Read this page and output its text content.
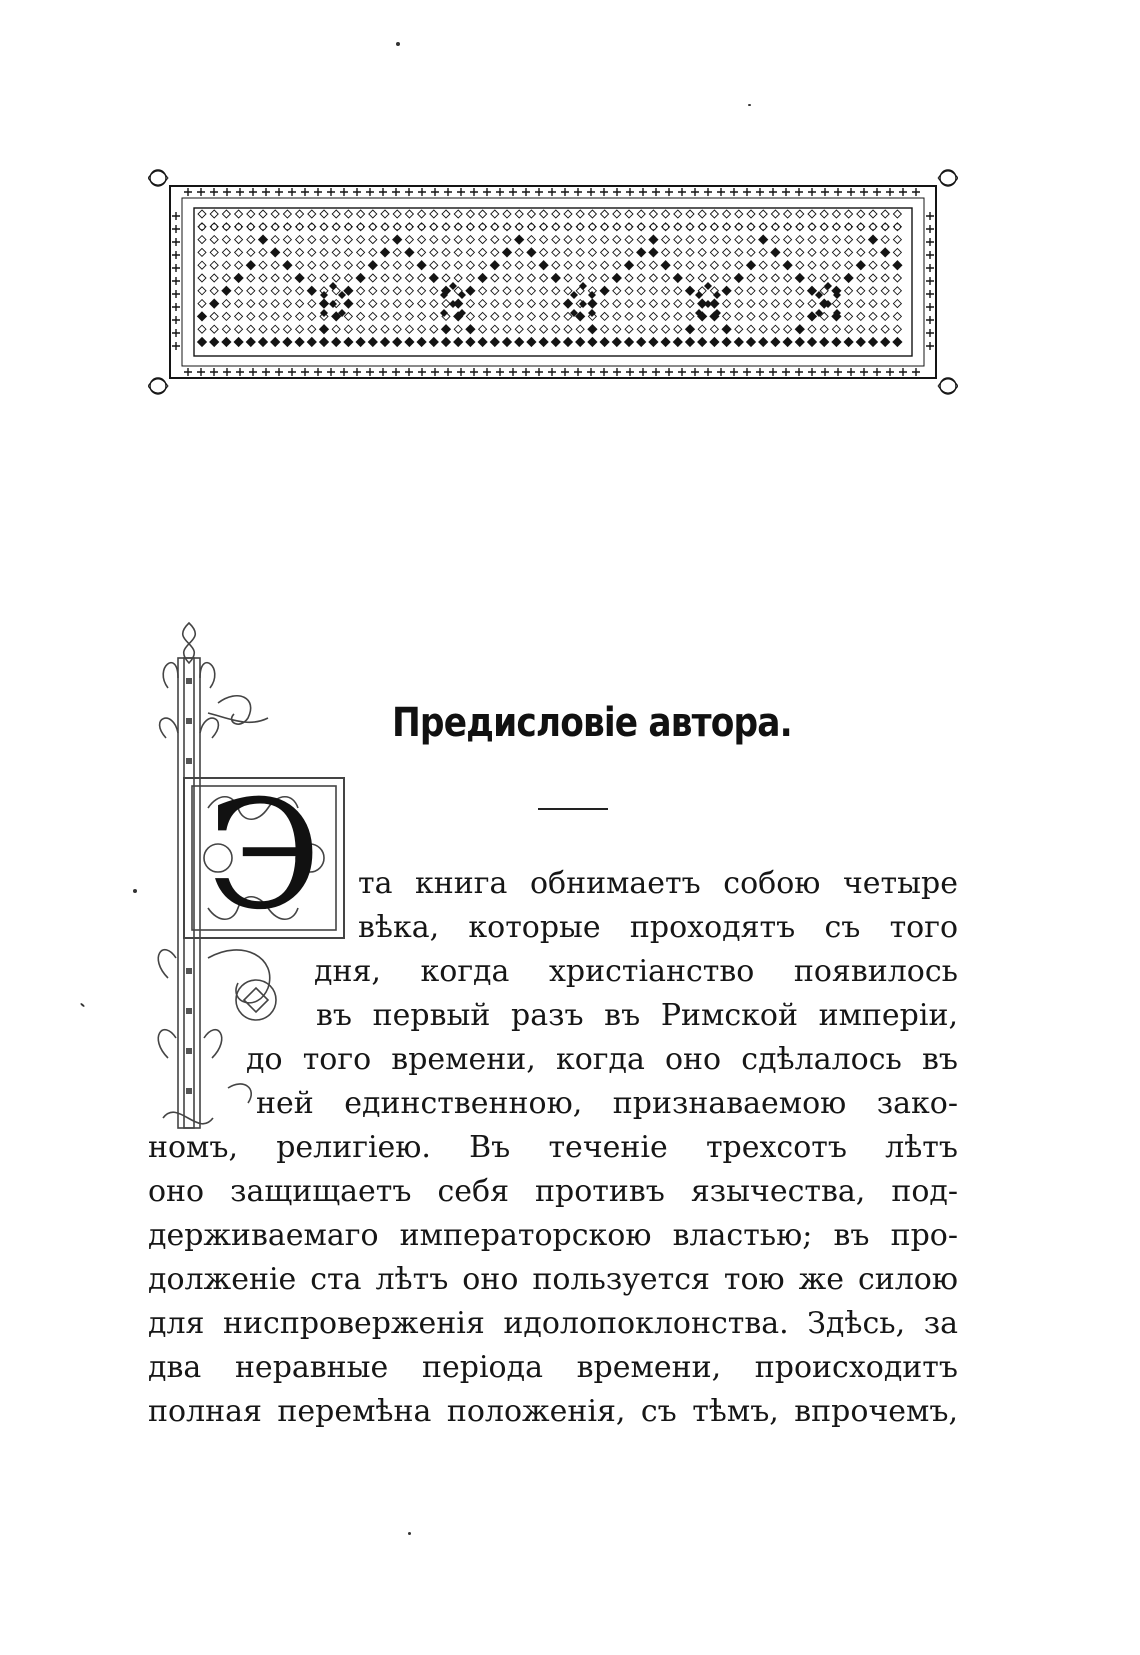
Э
Предисловіе автора.
та книга обнимаетъ собою четыре
вѣка, которые проходятъ съ того
дня, когда христіанство появилось
въ первый разъ въ Римской имперіи,
до того времени, когда оно сдѣлалось въ
ней единственною, признаваемою зако-
номъ, религіею. Въ теченіе трехсотъ лѣтъ
оно защищаетъ себя противъ язычества, под-
держиваемаго императорскою властью; въ про-
долженіе ста лѣтъ оно пользуется тою же силою
для ниспроверженія идолопоклонства. Здѣсь, за
два неравные періода времени, происходитъ
полная перемѣна положенія, съ тѣмъ, впрочемъ,
